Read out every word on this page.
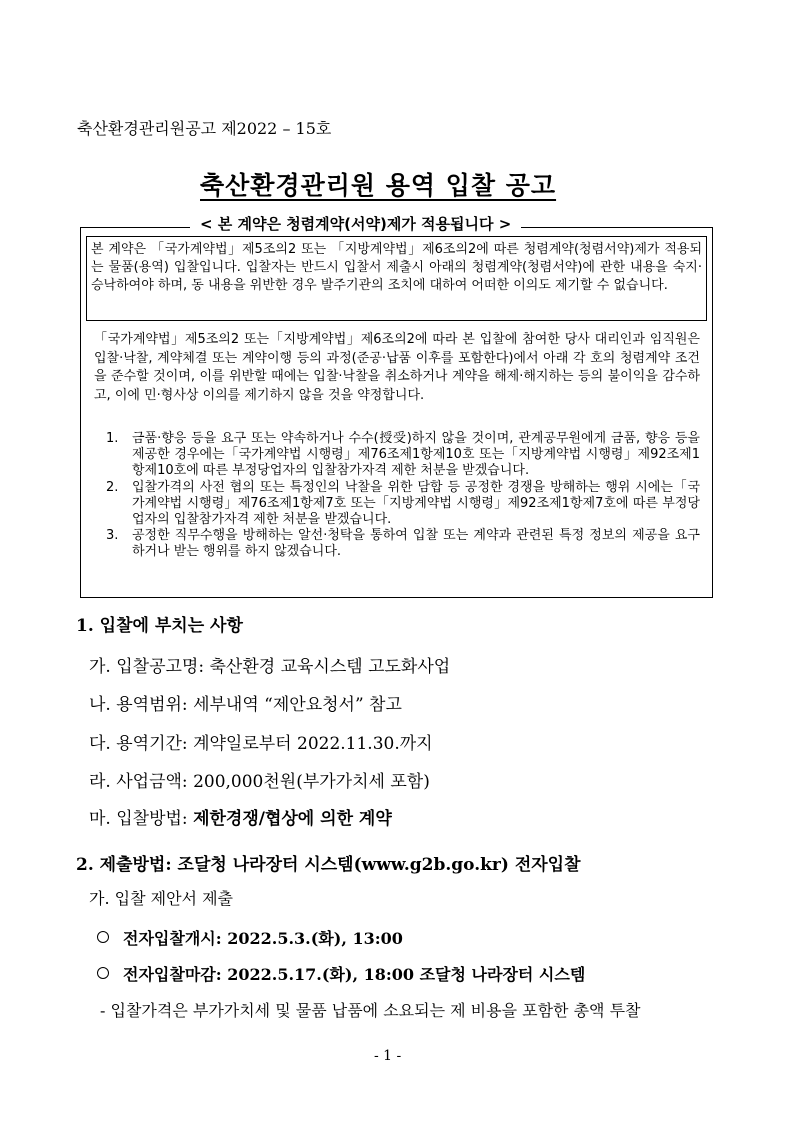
축산환경관리원공고 제2022 – 15호
축산환경관리원 용역 입찰 공고
< 본 계약은 청렴계약(서약)제가 적용됩니다 >
본 계약은 「국가계약법」제5조의2 또는 「지방계약법」제6조의2에 따른 청렴계약(청렴서약)제가 적용되는 물품(용역) 입찰입니다. 입찰자는 반드시 입찰서 제출시 아래의 청렴계약(청렴서약)에 관한 내용을 숙지·승낙하여야 하며, 동 내용을 위반한 경우 발주기관의 조치에 대하여 어떠한 이의도 제기할 수 없습니다.
「국가계약법」제5조의2 또는「지방계약법」제6조의2에 따라 본 입찰에 참여한 당사 대리인과 임직원은 입찰·낙찰, 계약체결 또는 계약이행 등의 과정(준공·납품 이후를 포함한다)에서 아래 각 호의 청렴계약 조건을 준수할 것이며, 이를 위반할 때에는 입찰·낙찰을 취소하거나 계약을 해제·해지하는 등의 불이익을 감수하고, 이에 민·형사상 이의를 제기하지 않을 것을 약정합니다.
1.	금품·향응 등을 요구 또는 약속하거나 수수(授受)하지 않을 것이며, 관계공무원에게 금품, 향응 등을 제공한 경우에는「국가계약법 시행령」제76조제1항제10호 또는「지방계약법 시행령」제92조제1항제10호에 따른 부정당업자의 입찰참가자격 제한 처분을 받겠습니다.
2.	입찰가격의 사전 협의 또는 특정인의 낙찰을 위한 담합 등 공정한 경쟁을 방해하는 행위 시에는「국가계약법 시행령」제76조제1항제7호 또는「지방계약법 시행령」제92조제1항제7호에 따른 부정당업자의 입찰참가자격 제한 처분을 받겠습니다.
3.	공정한 직무수행을 방해하는 알선·청탁을 통하여 입찰 또는 계약과 관련된 특정 정보의 제공을 요구하거나 받는 행위를 하지 않겠습니다.
1. 입찰에 부치는 사항
가. 입찰공고명: 축산환경 교육시스템 고도화사업
나. 용역범위: 세부내역 “제안요청서” 참고
다. 용역기간: 계약일로부터 2022.11.30.까지
라. 사업금액: 200,000천원(부가가치세 포함)
마. 입찰방법: 제한경쟁/협상에 의한 계약
2. 제출방법: 조달청 나라장터 시스템(www.g2b.go.kr) 전자입찰
가. 입찰 제안서 제출
전자입찰개시: 2022.5.3.(화), 13:00
전자입찰마감: 2022.5.17.(화), 18:00 조달청 나라장터 시스템
- 입찰가격은 부가가치세 및 물품 납품에 소요되는 제 비용을 포함한 총액 투찰
- 1 -
